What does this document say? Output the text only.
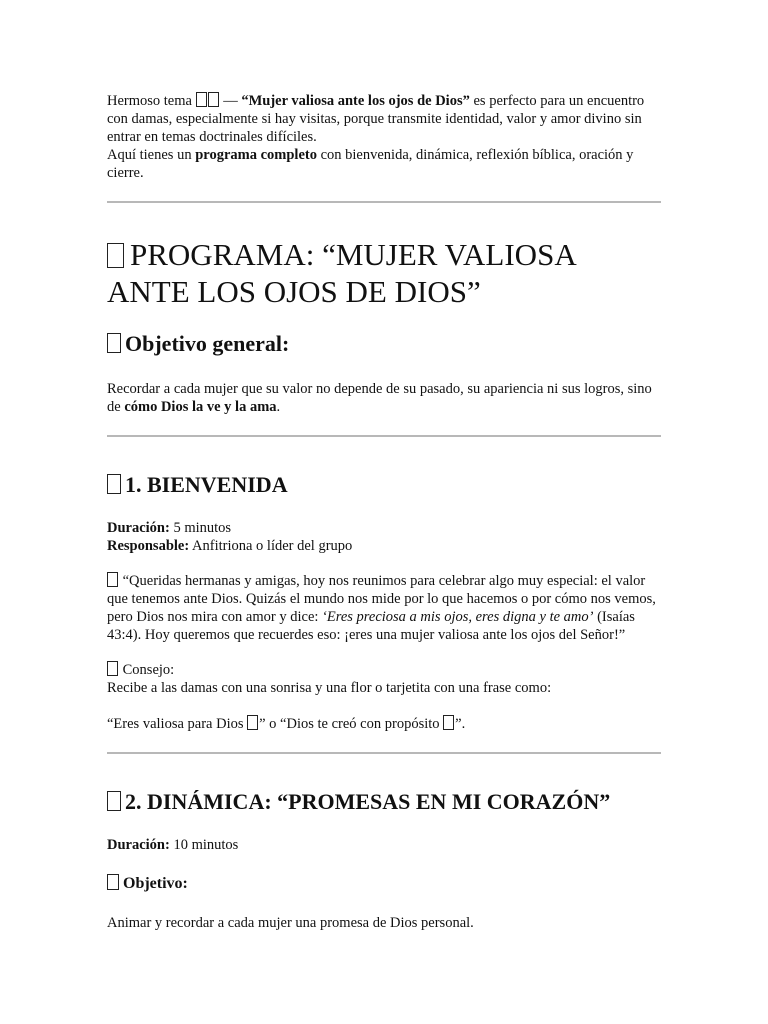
Hermoso tema  — “Mujer valiosa ante los ojos de Dios” es perfecto para un encuentro con damas, especialmente si hay visitas, porque transmite identidad, valor y amor divino sin entrar en temas doctrinales difíciles.

Aquí tienes un programa completo con bienvenida, dinámica, reflexión bíblica, oración y cierre.

PROGRAMA: “MUJER VALIOSA ANTE LOS OJOS DE DIOS”
Objetivo general:

Recordar a cada mujer que su valor no depende de su pasado, su apariencia ni sus logros, sino de cómo Dios la ve y la ama.

1. BIENVENIDA

Duración: 5 minutos

Responsable: Anfitriona o líder del grupo

“Queridas hermanas y amigas, hoy nos reunimos para celebrar algo muy especial: el valor que tenemos ante Dios. Quizás el mundo nos mide por lo que hacemos o por cómo nos vemos, pero Dios nos mira con amor y dice: ‘Eres preciosa a mis ojos, eres digna y te amo’ (Isaías 43:4). Hoy queremos que recuerdes eso: ¡eres una mujer valiosa ante los ojos del Señor!”

Consejo:

Recibe a las damas con una sonrisa y una flor o tarjetita con una frase como:

“Eres valiosa para Dios ” o “Dios te creó con propósito ”.

2. DINÁMICA: “PROMESAS EN MI CORAZÓN”

Duración: 10 minutos

Objetivo:

Animar y recordar a cada mujer una promesa de Dios personal.
